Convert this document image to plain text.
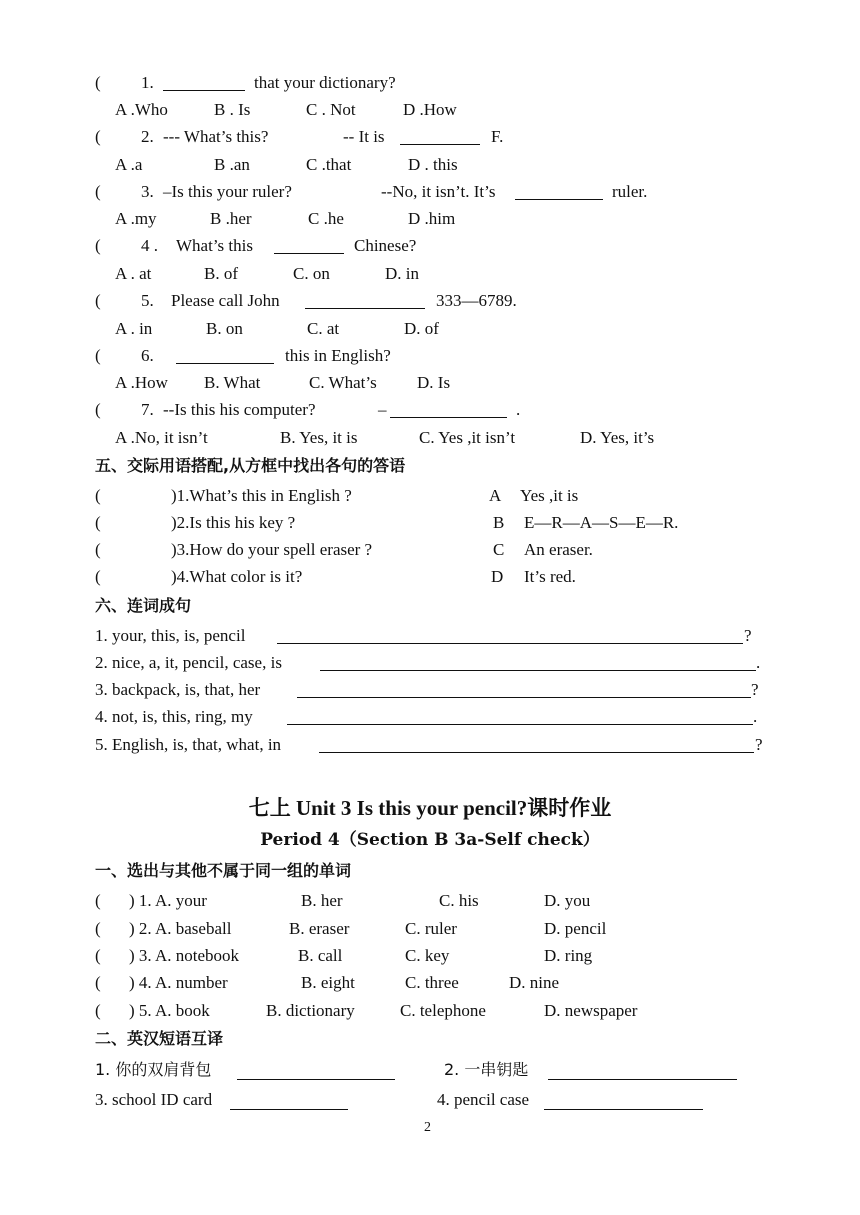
( 1.	that your dictionary?
A .Who	B . Is	C . Not	D .How
( 2. --- What’s this?	-- It is	F.
A .a	B .an	C .that	D . this
( 3. –Is this your ruler?	--No, it isn’t. It’s	ruler.
A .my	B .her	C .he	D .him
( 4 . What’s this	Chinese?
A . at	B. of	C. on	D. in
( 5. Please call John	333—6789.
A . in	B. on	C. at	D. of
( 6.	this in English?
A .How B. What	C. What’s D. Is
( 7. --Is this his computer?	–	.
A .No, it isn’t	B. Yes, it is	C. Yes ,it isn’t	D. Yes, it’s
五、交际用语搭配,从方框中找出各句的答语
(	)1.What’s this in English ?	A Yes ,it is
(	)2.Is this his key ?	B E—R—A—S—E—R.
(	)3.How do your spell eraser ?	C An eraser.
(	)4.What color is it?	D It’s red.
六、连词成句
1. your, this, is, pencil	?
2. nice, a, it, pencil, case, is	.
3. backpack, is, that, her	?
4. not, is, this, ring, my	.
5. English, is, that, what, in	?
七上 Unit 3 Is this your pencil?课时作业
Period 4（Section B 3a-Self check）
一、选出与其他不属于同一组的单词
( ) 1. A. your	B. her	C. his	D. you
( ) 2. A. baseball	B. eraser	C. ruler	D. pencil
( ) 3. A. notebook	B. call	C. key	D. ring
( ) 4. A. number	B. eight	C. three	D. nine
( ) 5. A. book	B. dictionary	C. telephone	D. newspaper
二、英汉短语互译
1. 你的双肩背包	2. 一串钥匙
3. school ID card	4. pencil case
2
